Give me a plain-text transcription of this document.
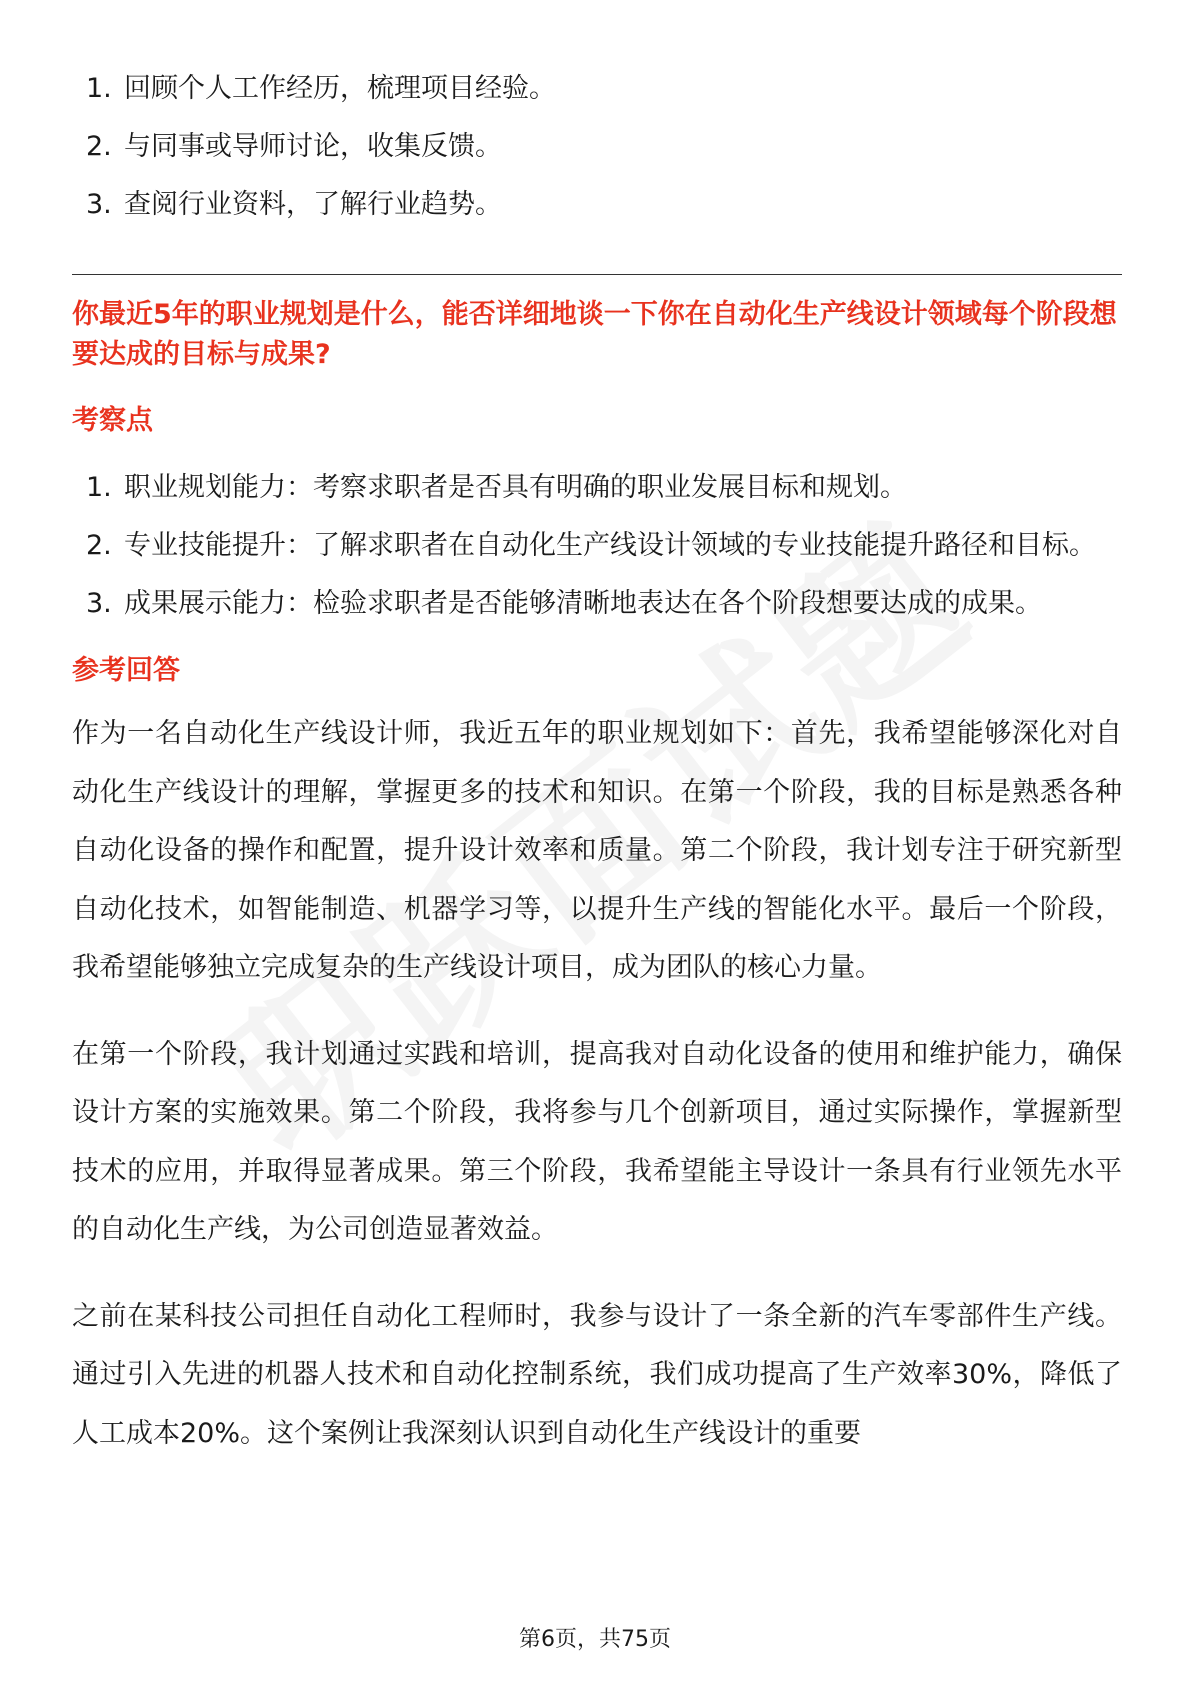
1. 回顾个人工作经历，梳理项目经验。
2. 与同事或导师讨论，收集反馈。
3. 查阅行业资料，了解行业趋势。

你最近5年的职业规划是什么，能否详细地谈一下你在自动化生产线设计领域每个阶段想要达成的目标与成果?

考察点
1. 职业规划能力：考察求职者是否具有明确的职业发展目标和规划。
2. 专业技能提升：了解求职者在自动化生产线设计领域的专业技能提升路径和目标。
3. 成果展示能力：检验求职者是否能够清晰地表达在各个阶段想要达成的成果。
参考回答

作为一名自动化生产线设计师，我近五年的职业规划如下：首先，我希望能够深化对自动化生产线设计的理解，掌握更多的技术和知识。在第一个阶段，我的目标是熟悉各种自动化设备的操作和配置，提升设计效率和质量。第二个阶段，我计划专注于研究新型自动化技术，如智能制造、机器学习等，以提升生产线的智能化水平。最后一个阶段，我希望能够独立完成复杂的生产线设计项目，成为团队的核心力量。

在第一个阶段，我计划通过实践和培训，提高我对自动化设备的使用和维护能力，确保设计方案的实施效果。第二个阶段，我将参与几个创新项目，通过实际操作，掌握新型技术的应用，并取得显著成果。第三个阶段，我希望能主导设计一条具有行业领先水平的自动化生产线，为公司创造显著效益。

之前在某科技公司担任自动化工程师时，我参与设计了一条全新的汽车零部件生产线。通过引入先进的机器人技术和自动化控制系统，我们成功提高了生产效率30%，降低了人工成本20%。这个案例让我深刻认识到自动化生产线设计的重要

第6页，共75页
